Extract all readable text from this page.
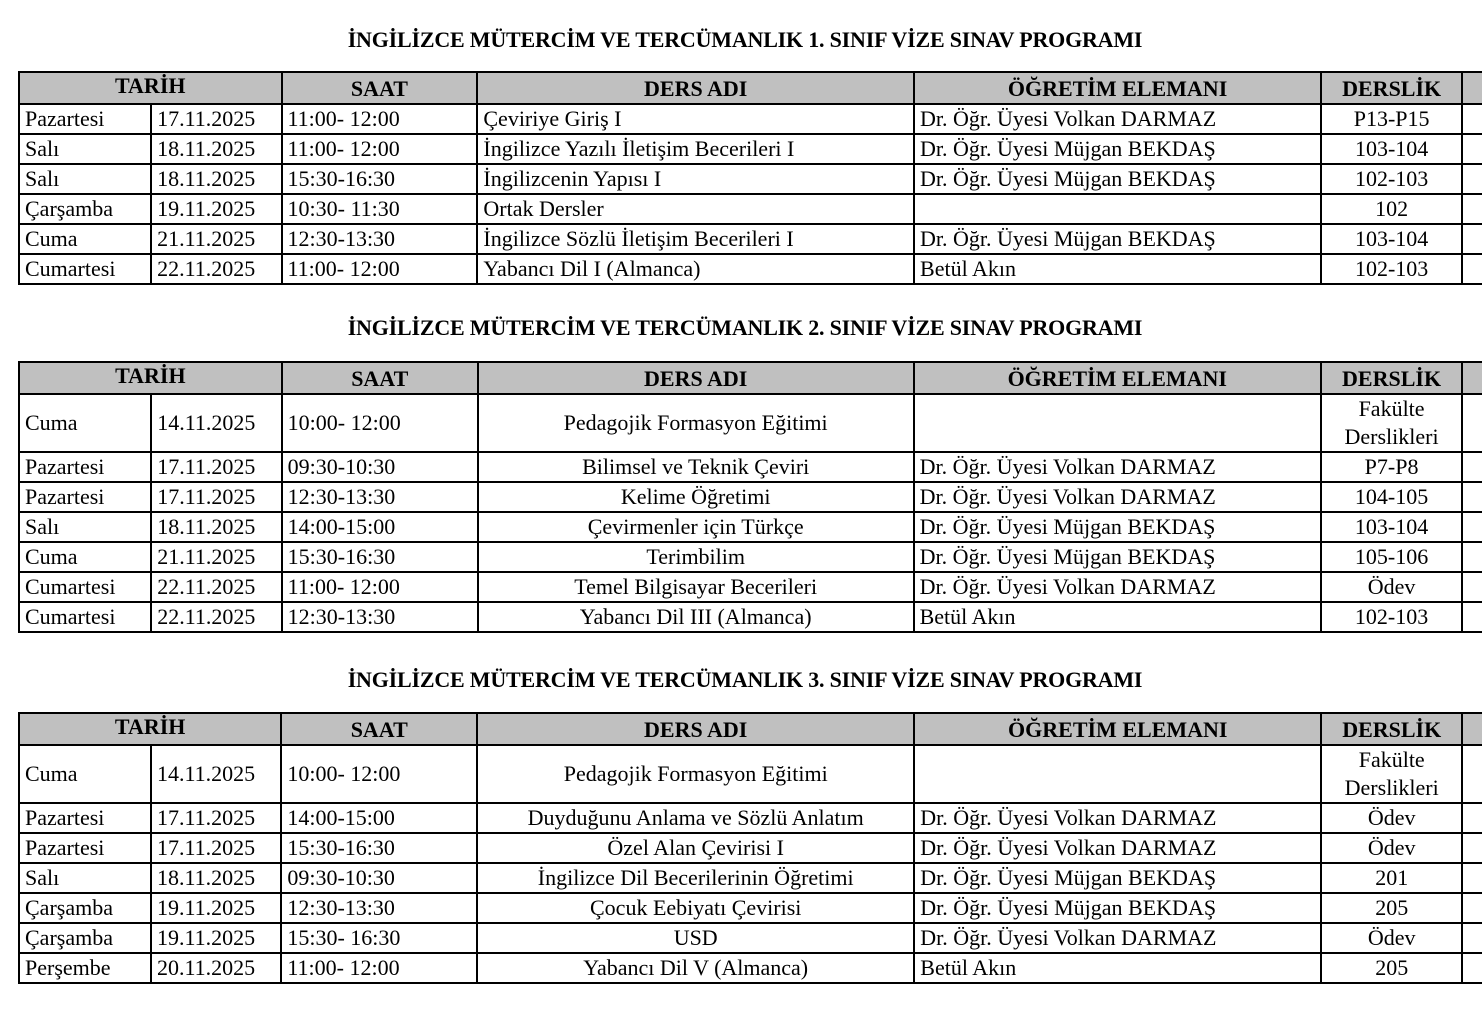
İNGİLİZCE MÜTERCİM VE TERCÜMANLIK 1. SINIF VİZE SINAV PROGRAMI
TARİH		SAAT	DERS ADI	ÖĞRETİM ELEMANI	DERSLİK	
Pazartesi	17.11.2025	11:00- 12:00	Çeviriye Giriş I	Dr. Öğr. Üyesi Volkan DARMAZ	P13-P15	
Salı	18.11.2025	11:00- 12:00	İngilizce Yazılı İletişim Becerileri I	Dr. Öğr. Üyesi Müjgan BEKDAŞ	103-104	
Salı	18.11.2025	15:30-16:30	İngilizcenin Yapısı I	Dr. Öğr. Üyesi Müjgan BEKDAŞ	102-103	
Çarşamba	19.11.2025	10:30- 11:30	Ortak Dersler		102	
Cuma	21.11.2025	12:30-13:30	İngilizce Sözlü İletişim Becerileri I	Dr. Öğr. Üyesi Müjgan BEKDAŞ	103-104	
Cumartesi	22.11.2025	11:00- 12:00	Yabancı Dil I (Almanca)	Betül Akın	102-103	
İNGİLİZCE MÜTERCİM VE TERCÜMANLIK 2. SINIF VİZE SINAV PROGRAMI
TARİH		SAAT	DERS ADI	ÖĞRETİM ELEMANI	DERSLİK	
Cuma	14.11.2025	10:00- 12:00	Pedagojik Formasyon Eğitimi		Fakülte
Derslikleri	

Pazartesi	17.11.2025	09:30-10:30	Bilimsel ve Teknik Çeviri	Dr. Öğr. Üyesi Volkan DARMAZ	P7-P8	
Pazartesi	17.11.2025	12:30-13:30	Kelime Öğretimi	Dr. Öğr. Üyesi Volkan DARMAZ	104-105	
Salı	18.11.2025	14:00-15:00	Çevirmenler için Türkçe	Dr. Öğr. Üyesi Müjgan BEKDAŞ	103-104	
Cuma	21.11.2025	15:30-16:30	Terimbilim	Dr. Öğr. Üyesi Müjgan BEKDAŞ	105-106	
Cumartesi	22.11.2025	11:00- 12:00	Temel Bilgisayar Becerileri	Dr. Öğr. Üyesi Volkan DARMAZ	Ödev	
Cumartesi	22.11.2025	12:30-13:30	Yabancı Dil III (Almanca)	Betül Akın	102-103	
İNGİLİZCE MÜTERCİM VE TERCÜMANLIK 3. SINIF VİZE SINAV PROGRAMI
TARİH		SAAT	DERS ADI	ÖĞRETİM ELEMANI	DERSLİK	
Cuma	14.11.2025	10:00- 12:00	Pedagojik Formasyon Eğitimi		Fakülte
Derslikleri	

Pazartesi	17.11.2025	14:00-15:00	Duyduğunu Anlama ve Sözlü Anlatım	Dr. Öğr. Üyesi Volkan DARMAZ	Ödev	
Pazartesi	17.11.2025	15:30-16:30	Özel Alan Çevirisi I	Dr. Öğr. Üyesi Volkan DARMAZ	Ödev	
Salı	18.11.2025	09:30-10:30	İngilizce Dil Becerilerinin Öğretimi	Dr. Öğr. Üyesi Müjgan BEKDAŞ	201	
Çarşamba	19.11.2025	12:30-13:30	Çocuk Eebiyatı Çevirisi	Dr. Öğr. Üyesi Müjgan BEKDAŞ	205	
Çarşamba	19.11.2025	15:30- 16:30	USD	Dr. Öğr. Üyesi Volkan DARMAZ	Ödev	
Perşembe	20.11.2025	11:00- 12:00	Yabancı Dil V (Almanca)	Betül Akın	205	
